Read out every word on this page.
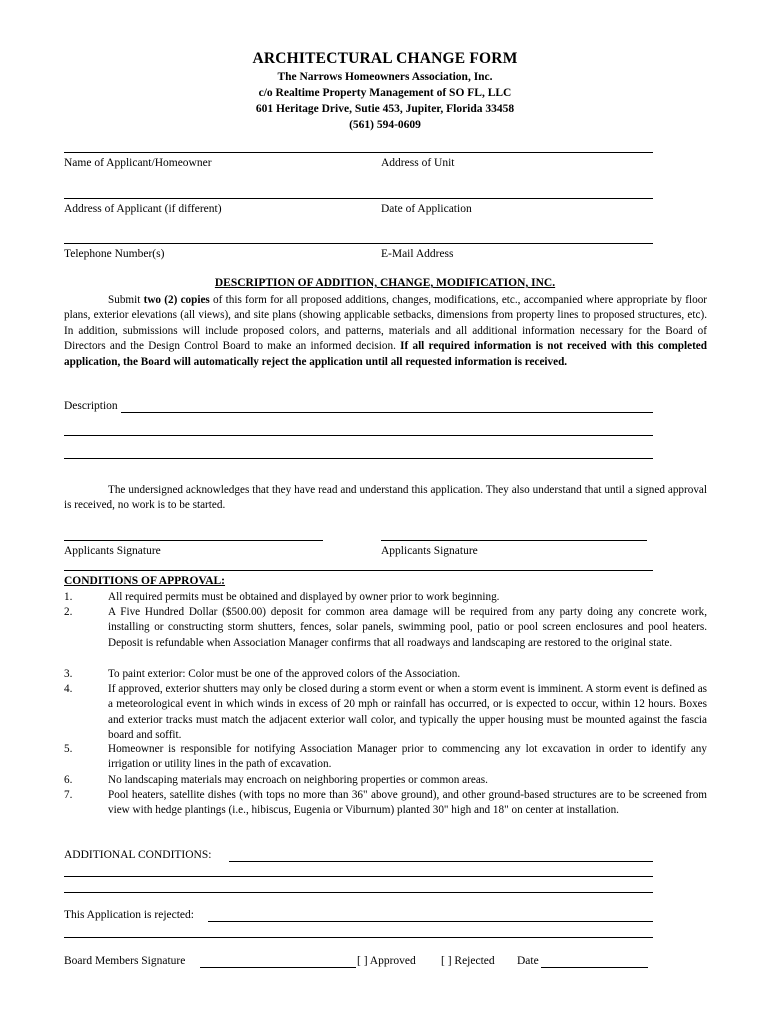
ARCHITECTURAL CHANGE FORM
The Narrows Homeowners Association, Inc.
c/o Realtime Property Management of SO FL, LLC
601 Heritage Drive, Sutie 453, Jupiter, Florida 33458
(561) 594-0609
Name of Applicant/Homeowner	Address of Unit
Address of Applicant (if different)	Date of Application
Telephone Number(s)	E-Mail Address
DESCRIPTION OF ADDITION, CHANGE, MODIFICATION, INC.
Submit two (2) copies of this form for all proposed additions, changes, modifications, etc., accompanied where appropriate by floor plans, exterior elevations (all views), and site plans (showing applicable setbacks, dimensions from property lines to proposed structures, etc). In addition, submissions will include proposed colors, and patterns, materials and all additional information necessary for the Board of Directors and the Design Control Board to make an informed decision. If all required information is not received with this completed application, the Board will automatically reject the application until all requested information is received.
Description
The undersigned acknowledges that they have read and understand this application. They also understand that until a signed approval is received, no work is to be started.
Applicants Signature	Applicants Signature
CONDITIONS OF APPROVAL:
1.	All required permits must be obtained and displayed by owner prior to work beginning.
2.	A Five Hundred Dollar ($500.00) deposit for common area damage will be required from any party doing any concrete work, installing or constructing storm shutters, fences, solar panels, swimming pool, patio or pool screen enclosures and pool heaters. Deposit is refundable when Association Manager confirms that all roadways and landscaping are restored to the original state.
3.	To paint exterior: Color must be one of the approved colors of the Association.
4.	If approved, exterior shutters may only be closed during a storm event or when a storm event is imminent. A storm event is defined as a meteorological event in which winds in excess of 20 mph or rainfall has occurred, or is expected to occur, within 12 hours. Boxes and exterior tracks must match the adjacent exterior wall color, and typically the upper housing must be mounted against the fascia board and soffit.
5.	Homeowner is responsible for notifying Association Manager prior to commencing any lot excavation in order to identify any irrigation or utility lines in the path of excavation.
6.	No landscaping materials may encroach on neighboring properties or common areas.
7.	Pool heaters, satellite dishes (with tops no more than 36" above ground), and other ground-based structures are to be screened from view with hedge plantings (i.e., hibiscus, Eugenia or Viburnum) planted 30" high and 18" on center at installation.
ADDITIONAL CONDITIONS:
This Application is rejected:
Board Members Signature	[ ] Approved [ ] Rejected Date
